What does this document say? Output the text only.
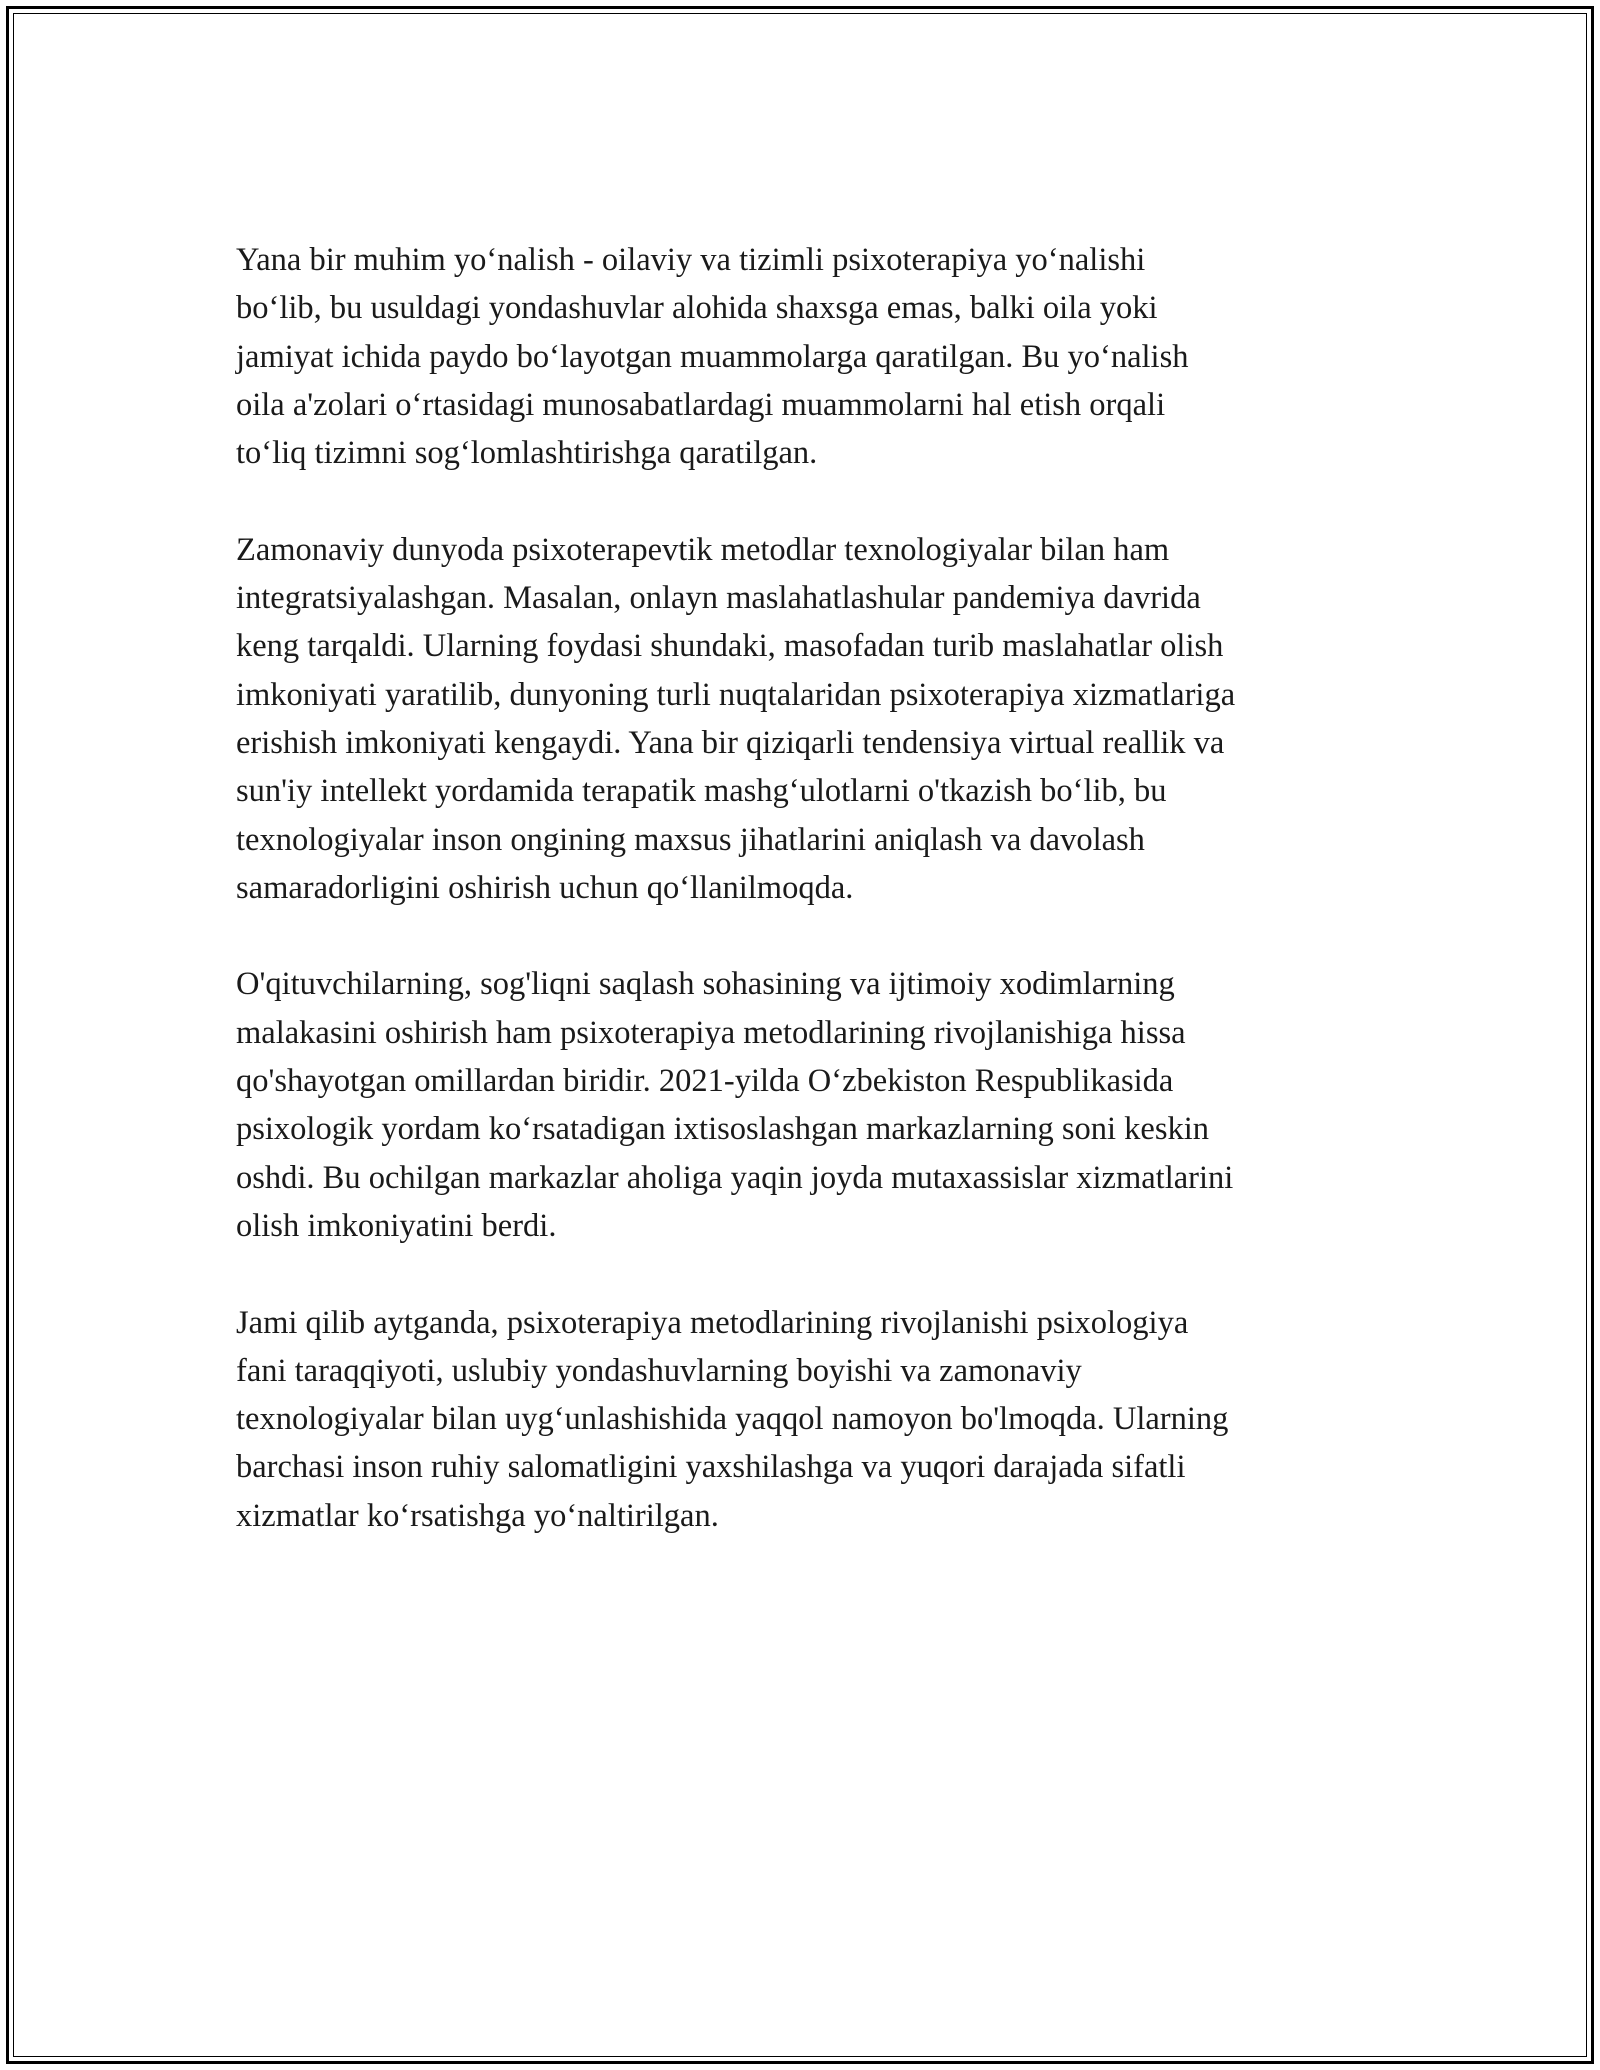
Yana bir muhim yoʻnalish - oilaviy va tizimli psixoterapiya yoʻnalishi
boʻlib, bu usuldagi yondashuvlar alohida shaxsga emas, balki oila yoki
jamiyat ichida paydo boʻlayotgan muammolarga qaratilgan. Bu yoʻnalish
oila a'zolari oʻrtasidagi munosabatlardagi muammolarni hal etish orqali
toʻliq tizimni sogʻlomlashtirishga qaratilgan.

Zamonaviy dunyoda psixoterapevtik metodlar texnologiyalar bilan ham
integratsiyalashgan. Masalan, onlayn maslahatlashular pandemiya davrida
keng tarqaldi. Ularning foydasi shundaki, masofadan turib maslahatlar olish
imkoniyati yaratilib, dunyoning turli nuqtalaridan psixoterapiya xizmatlariga
erishish imkoniyati kengaydi. Yana bir qiziqarli tendensiya virtual reallik va
sun'iy intellekt yordamida terapatik mashgʻulotlarni o'tkazish boʻlib, bu
texnologiyalar inson ongining maxsus jihatlarini aniqlash va davolash
samaradorligini oshirish uchun qoʻllanilmoqda.

O'qituvchilarning, sog'liqni saqlash sohasining va ijtimoiy xodimlarning
malakasini oshirish ham psixoterapiya metodlarining rivojlanishiga hissa
qo'shayotgan omillardan biridir. 2021-yilda Oʻzbekiston Respublikasida
psixologik yordam koʻrsatadigan ixtisoslashgan markazlarning soni keskin
oshdi. Bu ochilgan markazlar aholiga yaqin joyda mutaxassislar xizmatlarini
olish imkoniyatini berdi.

Jami qilib aytganda, psixoterapiya metodlarining rivojlanishi psixologiya
fani taraqqiyoti, uslubiy yondashuvlarning boyishi va zamonaviy
texnologiyalar bilan uygʻunlashishida yaqqol namoyon bo'lmoqda. Ularning
barchasi inson ruhiy salomatligini yaxshilashga va yuqori darajada sifatli
xizmatlar koʻrsatishga yoʻnaltirilgan.
